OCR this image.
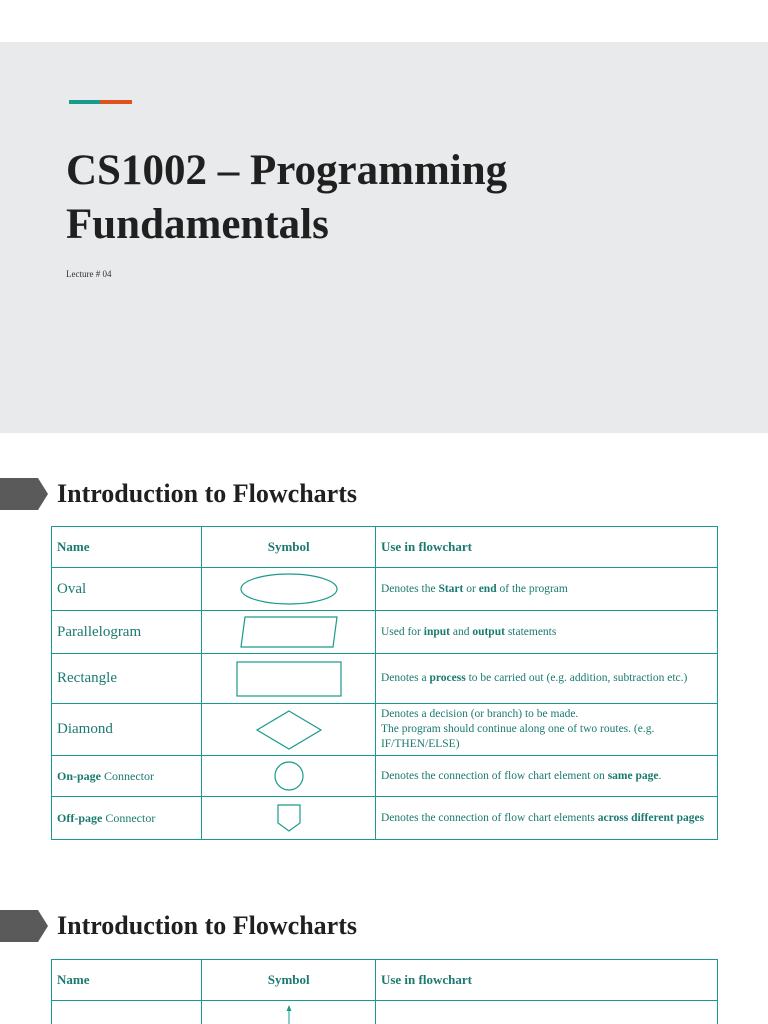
CS1002 – Programming Fundamentals
Lecture # 04
Introduction to Flowcharts
Name	Symbol	Use in flowchart
Oval		Denotes the Start or end of the program
Parallelogram		Used for input and output statements
Rectangle		Denotes a process to be carried out (e.g. addition, subtraction etc.)
Diamond		Denotes a decision (or branch) to be made.
The program should continue along one of two routes. (e.g. IF/THEN/ELSE)
On-page Connector		Denotes the connection of flow chart element on same page.
Off-page Connector		Denotes the connection of flow chart elements across different pages
Introduction to Flowcharts
Name	Symbol	Use in flowchart
